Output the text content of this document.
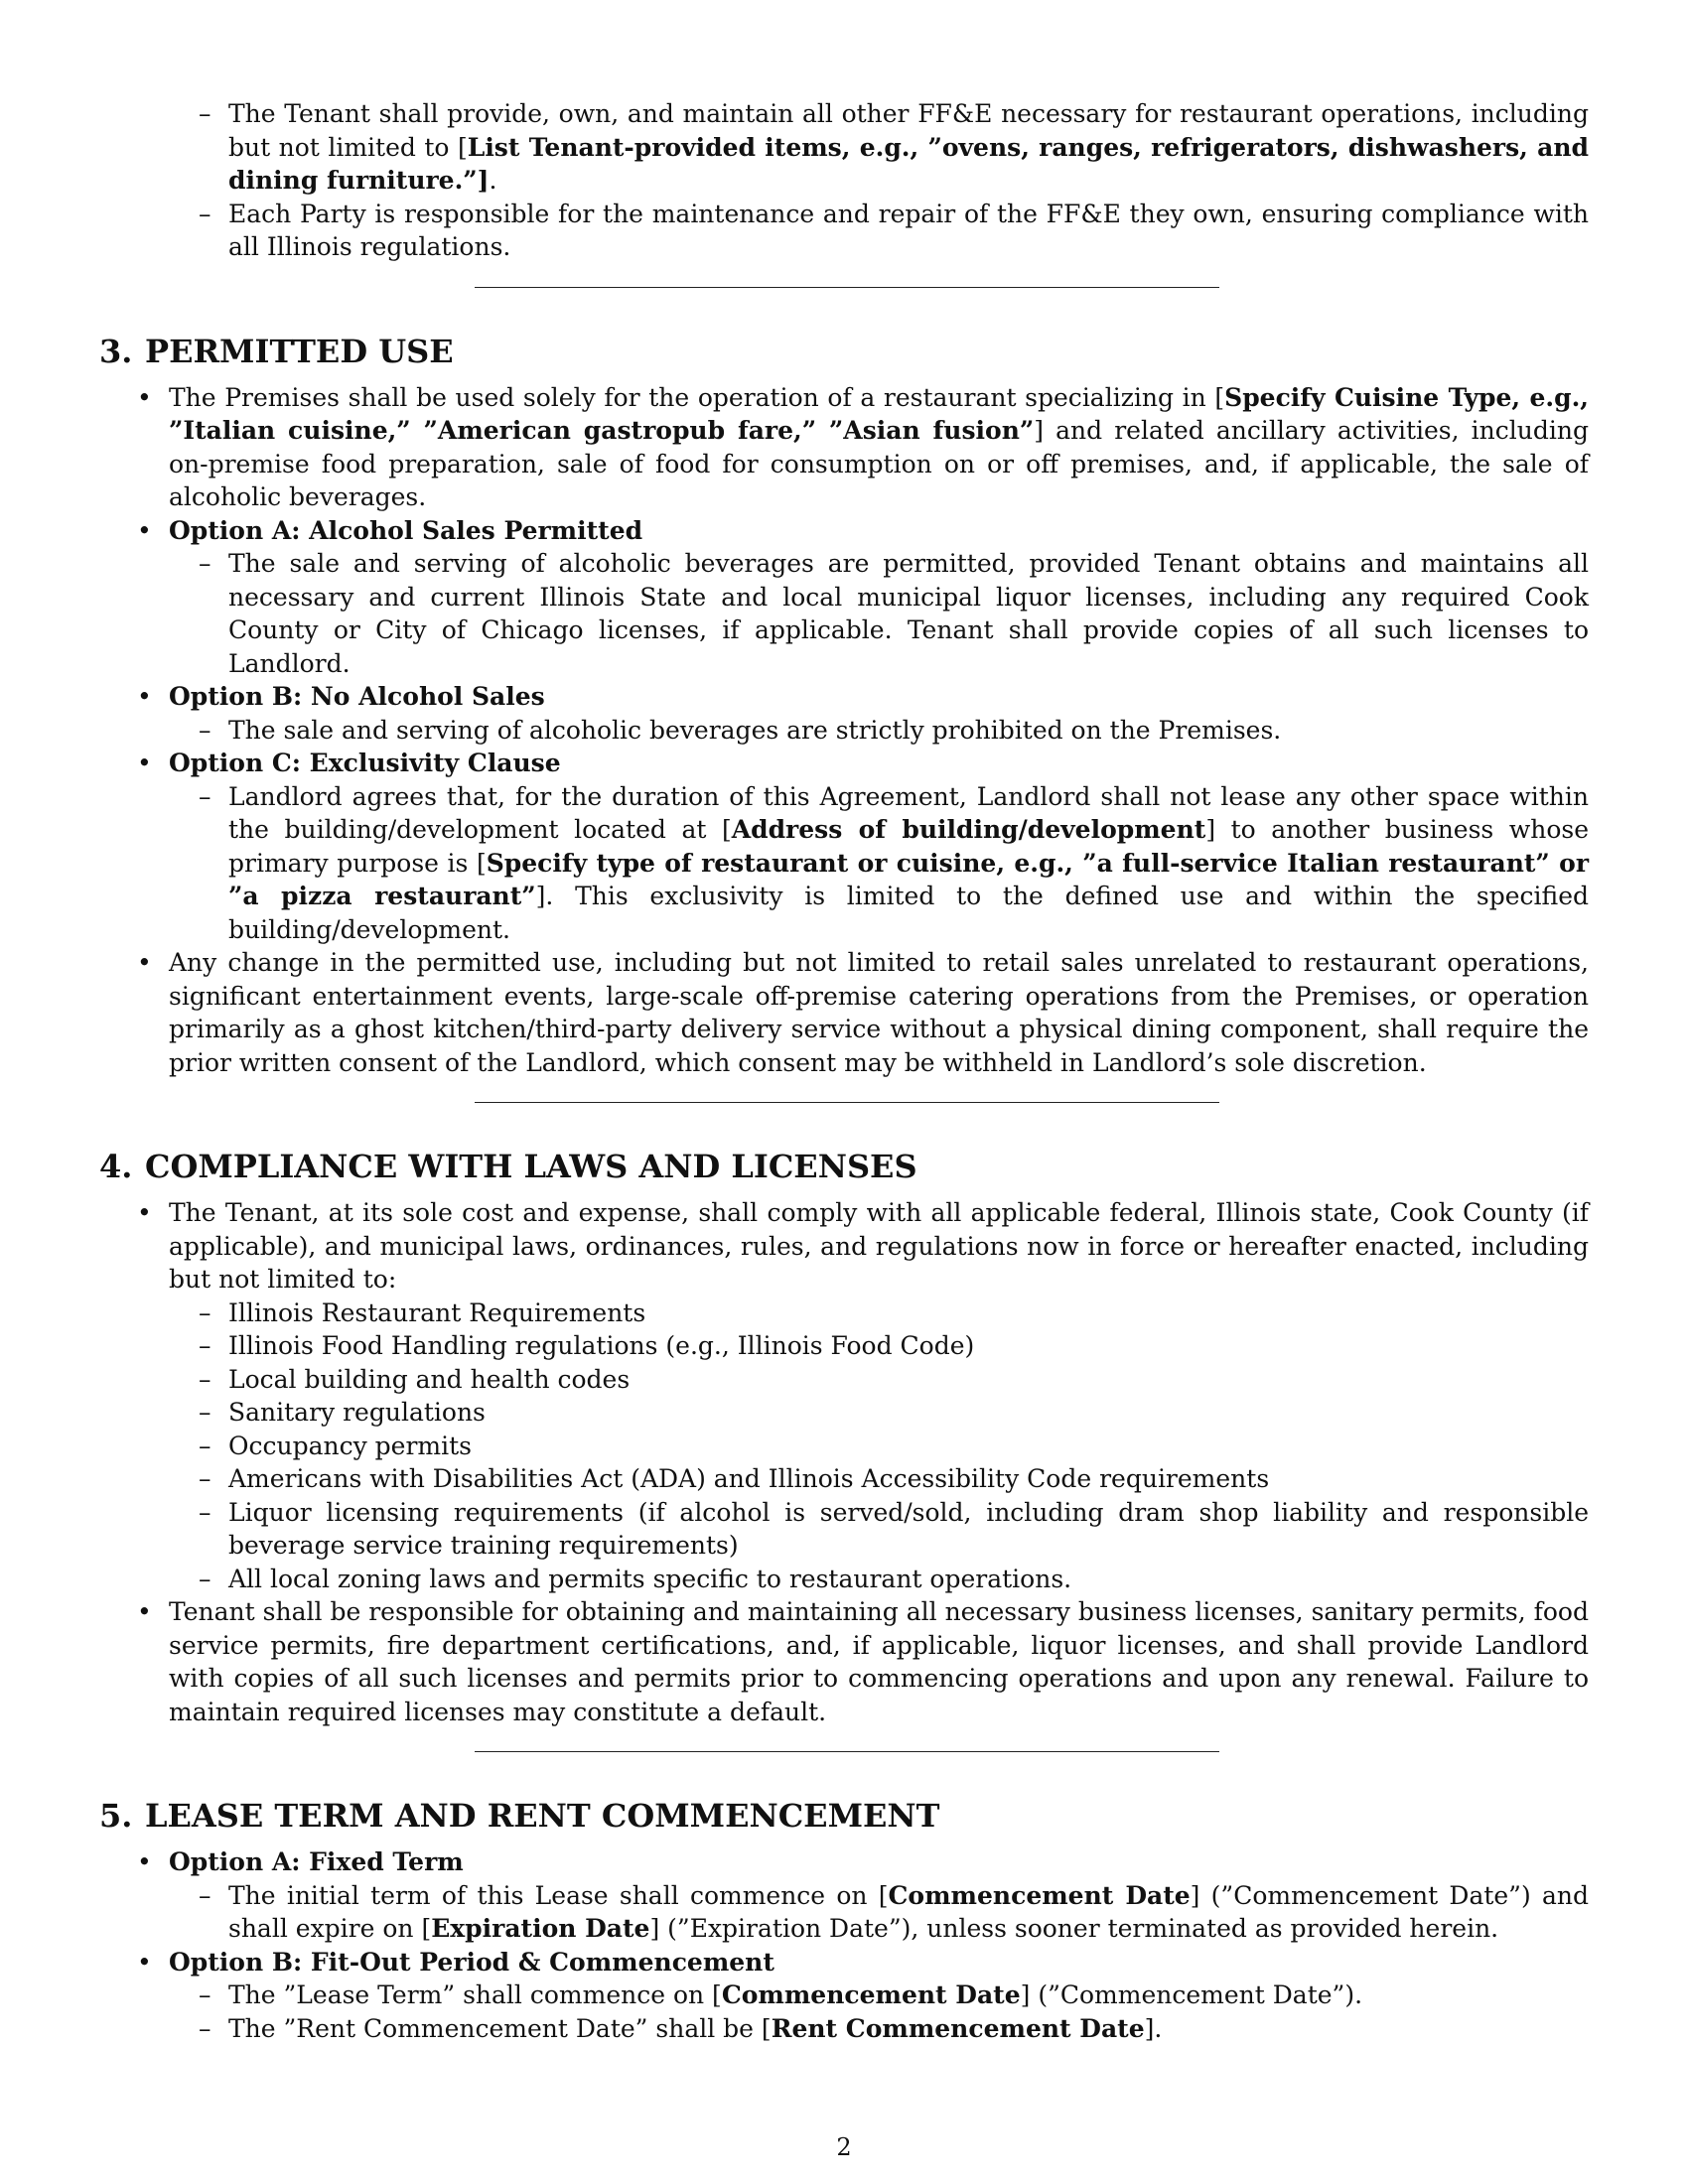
– The Tenant shall provide, own, and maintain all other FF&E necessary for restaurant operations, including but not limited to [List Tenant-provided items, e.g., ”ovens, ranges, refrigerators, dishwashers, and dining furniture.”].
– Each Party is responsible for the maintenance and repair of the FF&E they own, ensuring compliance with all Illinois regulations.
3. PERMITTED USE
• The Premises shall be used solely for the operation of a restaurant specializing in [Specify Cuisine Type, e.g., ”Italian cuisine,” ”American gastropub fare,” ”Asian fusion”] and related ancillary activities, including on-premise food preparation, sale of food for consumption on or off premises, and, if applicable, the sale of alcoholic beverages.
• Option A: Alcohol Sales Permitted
– The sale and serving of alcoholic beverages are permitted, provided Tenant obtains and maintains all necessary and current Illinois State and local municipal liquor licenses, including any required Cook County or City of Chicago licenses, if applicable. Tenant shall provide copies of all such licenses to Landlord.
• Option B: No Alcohol Sales
– The sale and serving of alcoholic beverages are strictly prohibited on the Premises.
• Option C: Exclusivity Clause
– Landlord agrees that, for the duration of this Agreement, Landlord shall not lease any other space within the building/development located at [Address of building/development] to another business whose primary purpose is [Specify type of restaurant or cuisine, e.g., ”a full-service Italian restaurant” or ”a pizza restaurant”]. This exclusivity is limited to the defined use and within the specified building/development.
• Any change in the permitted use, including but not limited to retail sales unrelated to restaurant operations, significant entertainment events, large-scale off-premise catering operations from the Premises, or operation primarily as a ghost kitchen/third-party delivery service without a physical dining component, shall require the prior written consent of the Landlord, which consent may be withheld in Landlord’s sole discretion.
4. COMPLIANCE WITH LAWS AND LICENSES
• The Tenant, at its sole cost and expense, shall comply with all applicable federal, Illinois state, Cook County (if applicable), and municipal laws, ordinances, rules, and regulations now in force or hereafter enacted, including but not limited to:
– Illinois Restaurant Requirements
– Illinois Food Handling regulations (e.g., Illinois Food Code)
– Local building and health codes
– Sanitary regulations
– Occupancy permits
– Americans with Disabilities Act (ADA) and Illinois Accessibility Code requirements
– Liquor licensing requirements (if alcohol is served/sold, including dram shop liability and responsible beverage service training requirements)
– All local zoning laws and permits specific to restaurant operations.
• Tenant shall be responsible for obtaining and maintaining all necessary business licenses, sanitary permits, food service permits, fire department certifications, and, if applicable, liquor licenses, and shall provide Landlord with copies of all such licenses and permits prior to commencing operations and upon any renewal. Failure to maintain required licenses may constitute a default.
5. LEASE TERM AND RENT COMMENCEMENT
• Option A: Fixed Term
– The initial term of this Lease shall commence on [Commencement Date] (”Commencement Date”) and shall expire on [Expiration Date] (”Expiration Date”), unless sooner terminated as provided herein.
• Option B: Fit-Out Period & Commencement
– The ”Lease Term” shall commence on [Commencement Date] (”Commencement Date”).
– The ”Rent Commencement Date” shall be [Rent Commencement Date].
2
